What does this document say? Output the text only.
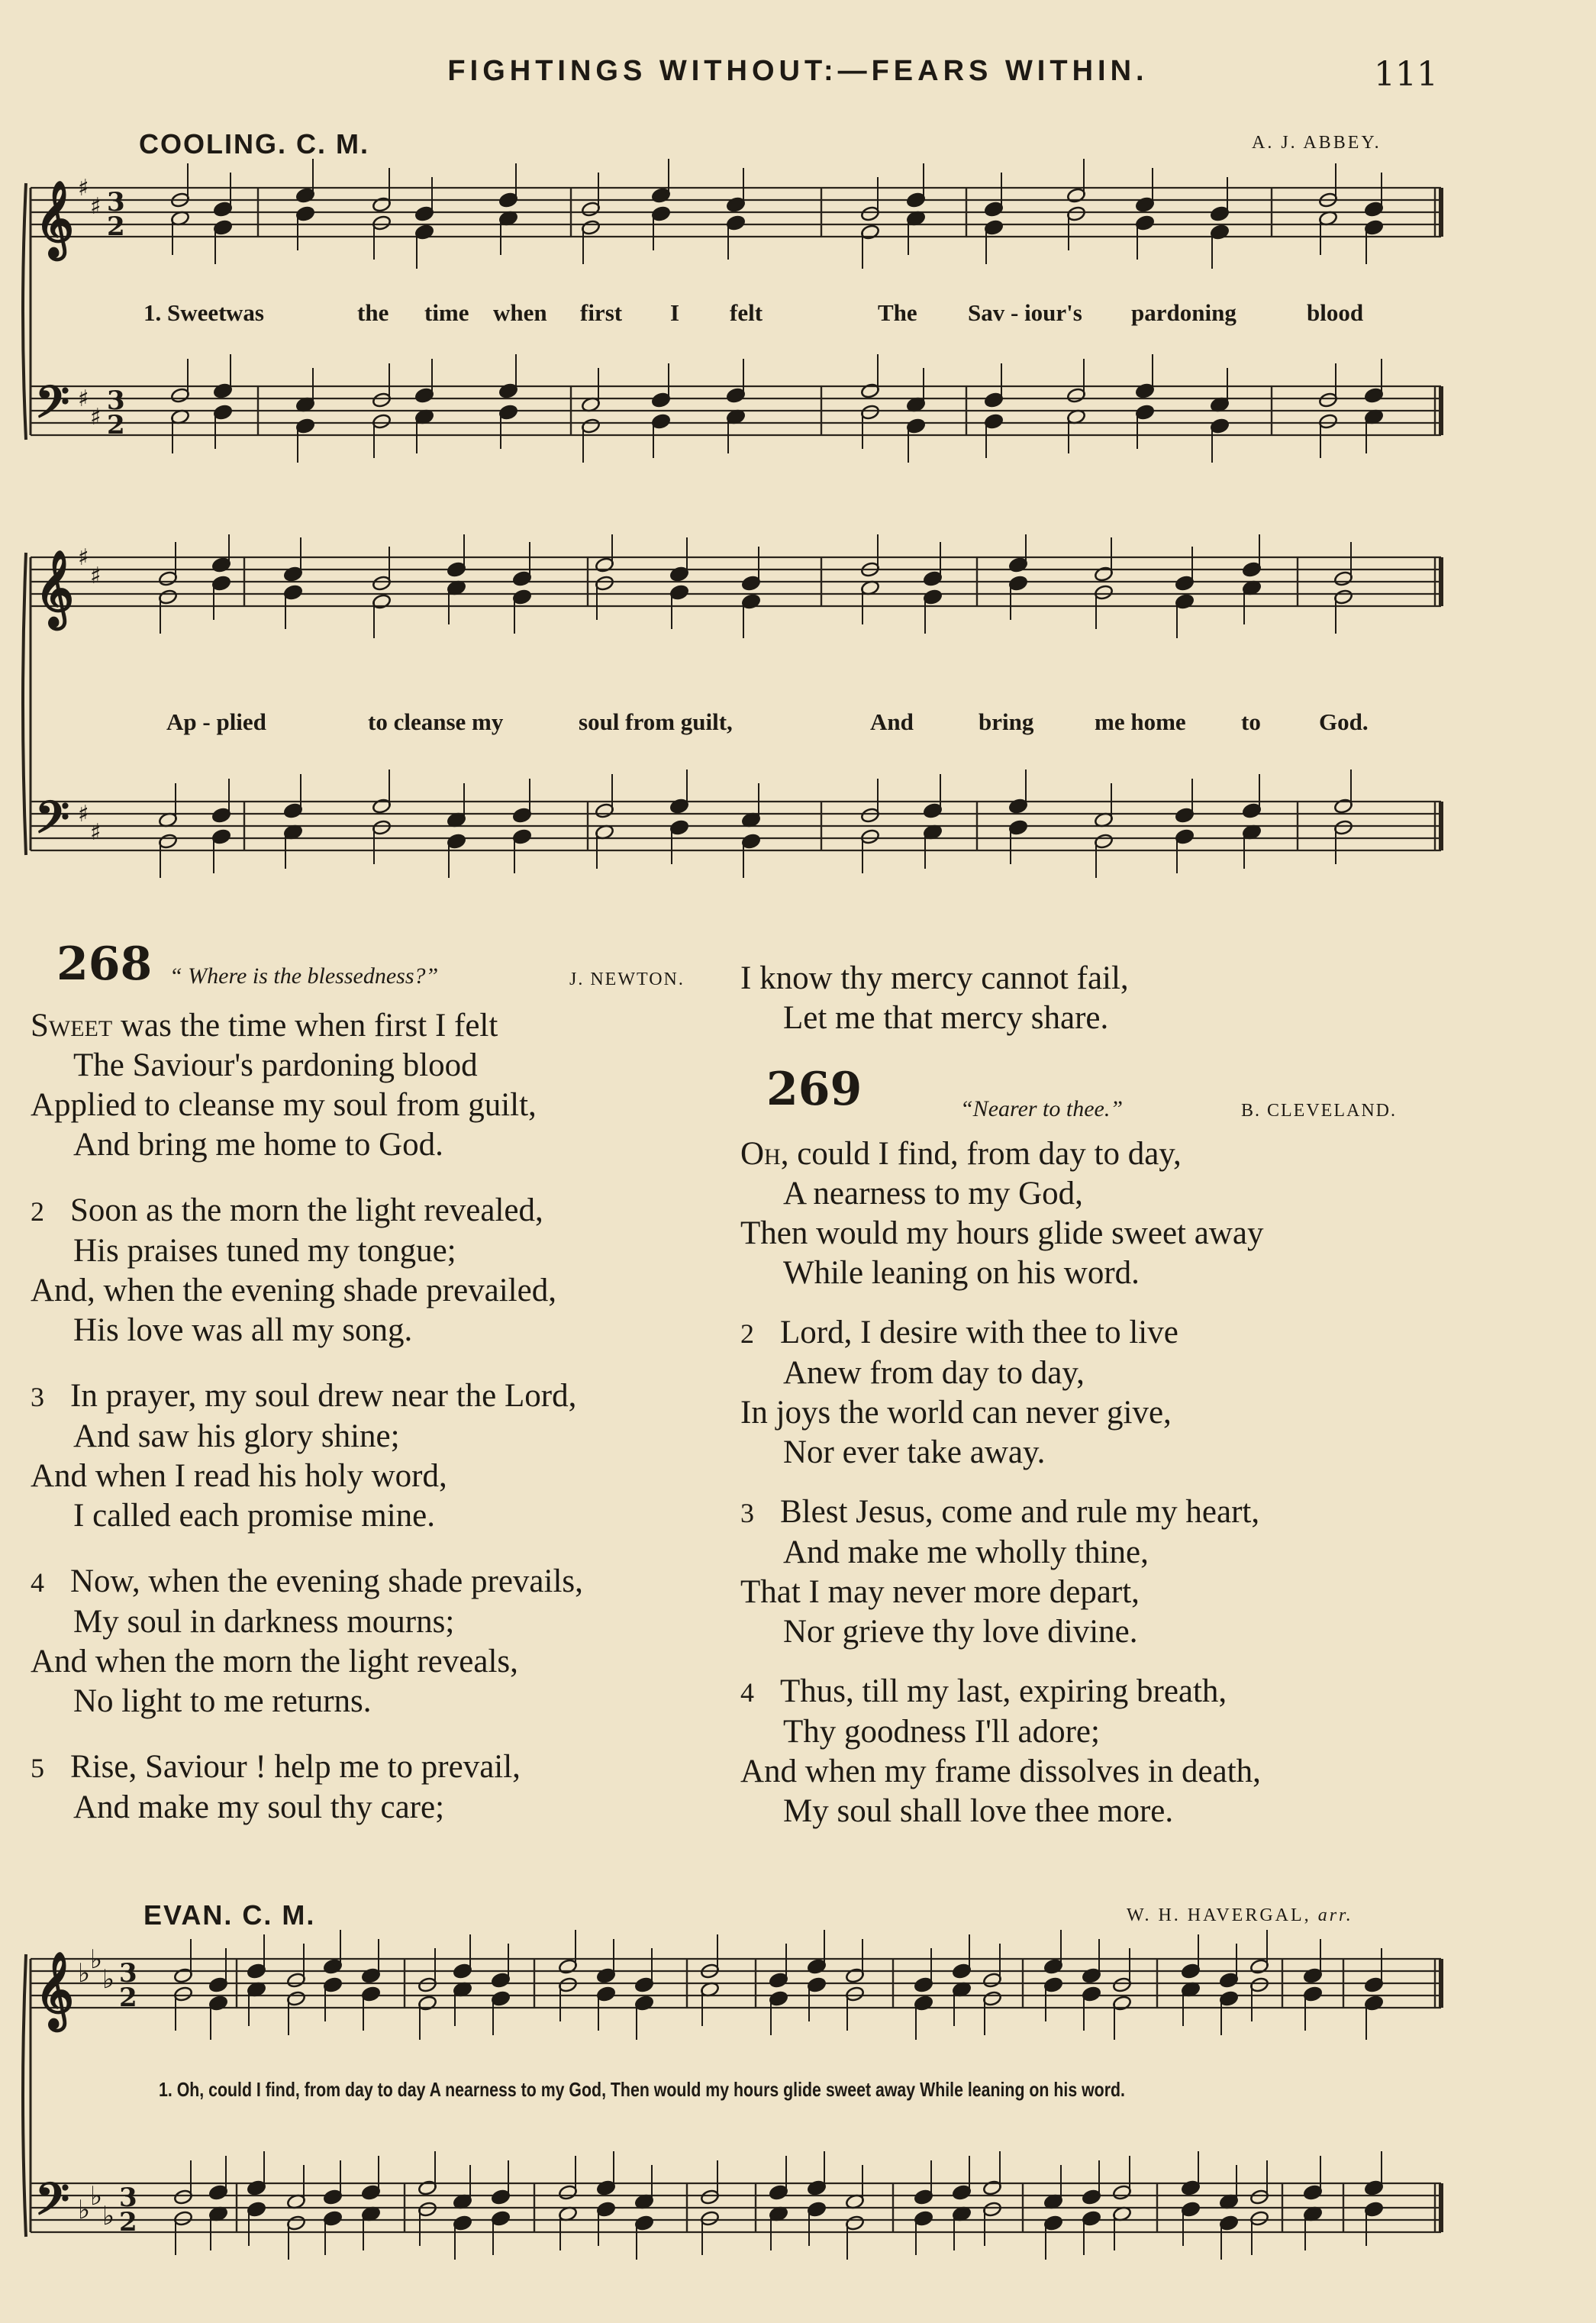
FIGHTINGS WITHOUT:—FEARS WITHIN.	111
COOLING. C. M.	A. J. ABBEY.
𝄞
𝄢
♯
♯
♯
♯
3
2
3
2
1. Sweet was	the time when first I felt	The Sav - iour's pardoning	blood
𝄞
𝄢
♯
♯
♯
♯
Ap - plied	to cleanse my	soul from guilt,	And	bring	me home to God.
268 “ Where is the blessedness?”	J. NEWTON.
Sweet was the time when first I felt
The Saviour's pardoning blood
Applied to cleanse my soul from guilt,
And bring me home to God.
2 Soon as the morn the light revealed,
His praises tuned my tongue;
And, when the evening shade prevailed,
His love was all my song.
3 In prayer, my soul drew near the Lord,
And saw his glory shine;
And when I read his holy word,
I called each promise mine.
4 Now, when the evening shade prevails,
My soul in darkness mourns;
And when the morn the light reveals,
No light to me returns.
5 Rise, Saviour ! help me to prevail,
And make my soul thy care;
I know thy mercy cannot fail,
Let me that mercy share.
269	“Nearer to thee.”	B. CLEVELAND.
Oh, could I find, from day to day,
A nearness to my God,
Then would my hours glide sweet away
While leaning on his word.
2 Lord, I desire with thee to live
Anew from day to day,
In joys the world can never give,
Nor ever take away.
3 Blest Jesus, come and rule my heart,
And make me wholly thine,
That I may never more depart,
Nor grieve thy love divine.
4 Thus, till my last, expiring breath,
Thy goodness I'll adore;
And when my frame dissolves in death,
My soul shall love thee more.
EVAN. C. M.	W. H. HAVERGAL, arr.
𝄞
𝄢
♭
♭
♭
♭
♭
♭
3
2
3
2
1. Oh, could I find, from day to day A nearness to my God, Then would my hours glide sweet away While leaning on his word.
